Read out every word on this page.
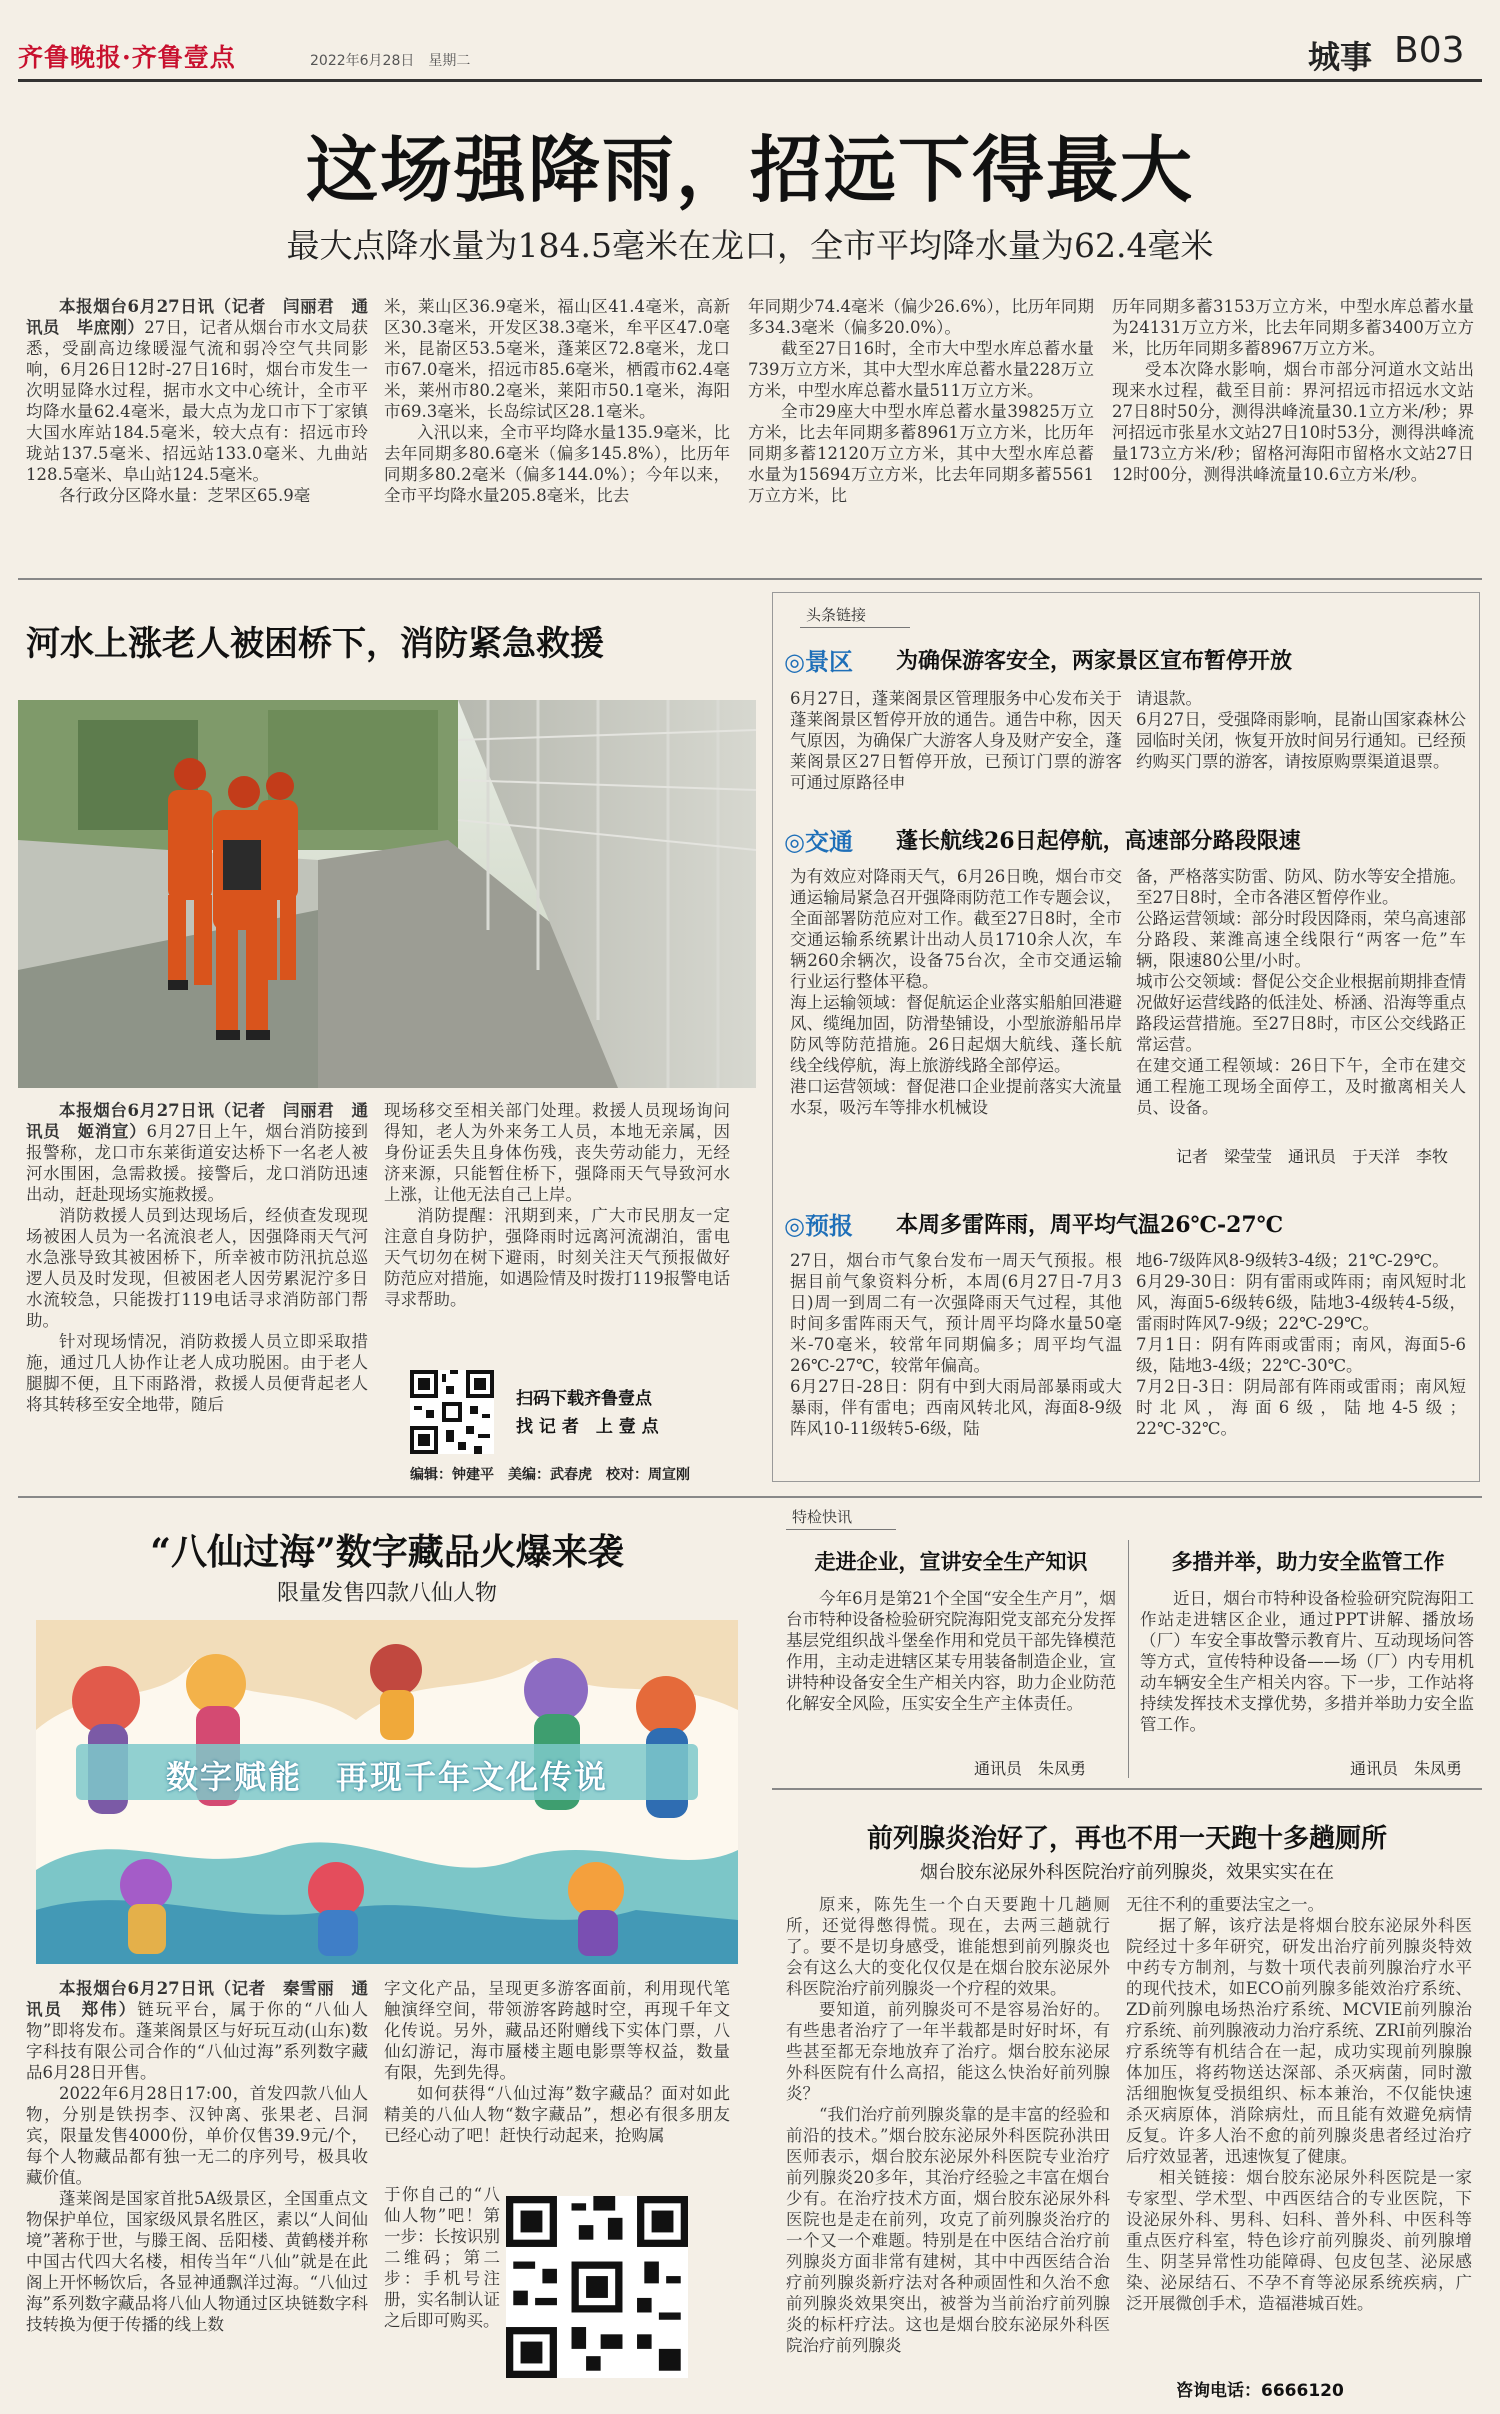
齐鲁晚报·齐鲁壹点	2022年6月28日　星期二	城事 B03
这场强降雨，招远下得最大
最大点降水量为184.5毫米在龙口，全市平均降水量为62.4毫米

本报烟台6月27日讯（记者　闫丽君　通讯员　毕庶刚）27日，记者从烟台市水文局获悉，受副高边缘暖湿气流和弱冷空气共同影响，6月26日12时-27日16时，烟台市发生一次明显降水过程，据市水文中心统计，全市平均降水量62.4毫米，最大点为龙口市下丁家镇大国水库站184.5毫米，较大点有：招远市玲珑站137.5毫米、招远站133.0毫米、九曲站128.5毫米、阜山站124.5毫米。

各行政分区降水量：芝罘区65.9毫

米，莱山区36.9毫米，福山区41.4毫米，高新区30.3毫米，开发区38.3毫米，牟平区47.0毫米，昆嵛区53.5毫米，蓬莱区72.8毫米，龙口市67.0毫米，招远市85.6毫米，栖霞市62.4毫米，莱州市80.2毫米，莱阳市50.1毫米，海阳市69.3毫米，长岛综试区28.1毫米。

入汛以来，全市平均降水量135.9毫米，比去年同期多80.6毫米（偏多145.8%），比历年同期多80.2毫米（偏多144.0%）；今年以来，全市平均降水量205.8毫米，比去

年同期少74.4毫米（偏少26.6%），比历年同期多34.3毫米（偏多20.0%）。

截至27日16时，全市大中型水库总蓄水量739万立方米，其中大型水库总蓄水量228万立方米，中型水库总蓄水量511万立方米。

全市29座大中型水库总蓄水量39825万立方米，比去年同期多蓄8961万立方米，比历年同期多蓄12120万立方米，其中大型水库总蓄水量为15694万立方米，比去年同期多蓄5561万立方米，比

历年同期多蓄3153万立方米，中型水库总蓄水量为24131万立方米，比去年同期多蓄3400万立方米，比历年同期多蓄8967万立方米。

受本次降水影响，烟台市部分河道水文站出现来水过程，截至目前：界河招远市招远水文站27日8时50分，测得洪峰流量30.1立方米/秒；界河招远市张星水文站27日10时53分，测得洪峰流量173立方米/秒；留格河海阳市留格水文站27日12时00分，测得洪峰流量10.6立方米/秒。

河水上涨老人被困桥下，消防紧急救援

本报烟台6月27日讯（记者　闫丽君　通讯员　姬消宣）6月27日上午，烟台消防接到报警称，龙口市东莱街道安达桥下一名老人被河水围困，急需救援。接警后，龙口消防迅速出动，赶赴现场实施救援。

消防救援人员到达现场后，经侦查发现现场被困人员为一名流浪老人，因强降雨天气河水急涨导致其被困桥下，所幸被市防汛抗总巡逻人员及时发现，但被困老人因劳累泥泞多日水流较急，只能拨打119电话寻求消防部门帮助。

针对现场情况，消防救援人员立即采取措施，通过几人协作让老人成功脱困。由于老人腿脚不便，且下雨路滑，救援人员便背起老人将其转移至安全地带，随后

现场移交至相关部门处理。救援人员现场询问得知，老人为外来务工人员，本地无亲属，因身份证丢失且身体伤残，丧失劳动能力，无经济来源，只能暂住桥下，强降雨天气导致河水上涨，让他无法自己上岸。

消防提醒：汛期到来，广大市民朋友一定注意自身防护，强降雨时远离河流湖泊，雷电天气切勿在树下避雨，时刻关注天气预报做好防范应对措施，如遇险情及时拨打119报警电话寻求帮助。

扫码下载齐鲁壹点
找 记 者　上 壹 点
编辑：钟建平　美编：武春虎　校对：周宣刚
头条链接
◎景区 为确保游客安全，两家景区宣布暂停开放
6月27日，蓬莱阁景区管理服务中心发布关于蓬莱阁景区暂停开放的通告。通告中称，因天气原因，为确保广大游客人身及财产安全，蓬莱阁景区27日暂停开放，已预订门票的游客可通过原路径申
请退款。
6月27日，受强降雨影响，昆嵛山国家森林公园临时关闭，恢复开放时间另行通知。已经预约购买门票的游客，请按原购票渠道退票。
◎交通 蓬长航线26日起停航，高速部分路段限速
为有效应对降雨天气，6月26日晚，烟台市交通运输局紧急召开强降雨防范工作专题会议，全面部署防范应对工作。截至27日8时，全市交通运输系统累计出动人员1710余人次，车辆260余辆次，设备75台次，全市交通运输行业运行整体平稳。
海上运输领域：督促航运企业落实船舶回港避风、缆绳加固，防滑垫铺设，小型旅游船吊岸防风等防范措施。26日起烟大航线、蓬长航线全线停航，海上旅游线路全部停运。
港口运营领域：督促港口企业提前落实大流量水泵，吸污车等排水机械设
备，严格落实防雷、防风、防水等安全措施。至27日8时，全市各港区暂停作业。
公路运营领域：部分时段因降雨，荣乌高速部分路段、莱潍高速全线限行“两客一危”车辆，限速80公里/小时。
城市公交领域：督促公交企业根据前期排查情况做好运营线路的低洼处、桥涵、沿海等重点路段运营措施。至27日8时，市区公交线路正常运营。
在建交通工程领域：26日下午，全市在建交通工程施工现场全面停工，及时撤离相关人员、设备。
记者　梁莹莹　通讯员　于天洋　李牧
◎预报 本周多雷阵雨，周平均气温26℃-27℃
27日，烟台市气象台发布一周天气预报。根据目前气象资料分析，本周(6月27日-7月3日)周一到周二有一次强降雨天气过程，其他时间多雷阵雨天气，预计周平均降水量50毫米-70毫米，较常年同期偏多；周平均气温26℃-27℃，较常年偏高。
6月27日-28日：阴有中到大雨局部暴雨或大暴雨，伴有雷电；西南风转北风，海面8-9级阵风10-11级转5-6级，陆
地6-7级阵风8-9级转3-4级；21℃-29℃。
6月29-30日：阴有雷雨或阵雨；南风短时北风，海面5-6级转6级，陆地3-4级转4-5级，雷雨时阵风7-9级；22℃-29℃。
7月1日：阴有阵雨或雷雨；南风，海面5-6级，陆地3-4级；22℃-30℃。
7月2日-3日：阴局部有阵雨或雷雨；南风短时北风，海面6级，陆地4-5级；22℃-32℃。
“八仙过海”数字藏品火爆来袭
限量发售四款八仙人物
数字赋能　再现千年文化传说

本报烟台6月27日讯（记者　秦雪丽　通讯员　郑伟）链玩平台，属于你的“八仙人物”即将发布。蓬莱阁景区与好玩互动(山东)数字科技有限公司合作的“八仙过海”系列数字藏品6月28日开售。

2022年6月28日17:00，首发四款八仙人物，分别是铁拐李、汉钟离、张果老、吕洞宾，限量发售4000份，单价仅售39.9元/个，每个人物藏品都有独一无二的序列号，极具收藏价值。

蓬莱阁是国家首批5A级景区，全国重点文物保护单位，国家级风景名胜区，素以“人间仙境”著称于世，与滕王阁、岳阳楼、黄鹤楼并称中国古代四大名楼，相传当年“八仙”就是在此阁上开怀畅饮后，各显神通飘洋过海。“八仙过海”系列数字藏品将八仙人物通过区块链数字科技转换为便于传播的线上数

字文化产品，呈现更多游客面前，利用现代笔触演绎空间，带领游客跨越时空，再现千年文化传说。另外，藏品还附赠线下实体门票，八仙幻游记，海市蜃楼主题电影票等权益，数量有限，先到先得。

如何获得“八仙过海”数字藏品？面对如此精美的八仙人物“数字藏品”，想必有很多朋友已经心动了吧！赶快行动起来，抢购属

于你自己的“八仙人物”吧！第一步：长按识别二维码；第二步：手机号注册，实名制认证之后即可购买。
特检快讯
走进企业，宣讲安全生产知识

今年6月是第21个全国“安全生产月”，烟台市特种设备检验研究院海阳党支部充分发挥基层党组织战斗堡垒作用和党员干部先锋模范作用，主动走进辖区某专用装备制造企业，宣讲特种设备安全生产相关内容，助力企业防范化解安全风险，压实安全生产主体责任。

通讯员　朱凤勇
多措并举，助力安全监管工作

近日，烟台市特种设备检验研究院海阳工作站走进辖区企业，通过PPT讲解、播放场（厂）车安全事故警示教育片、互动现场问答等方式，宣传特种设备——场（厂）内专用机动车辆安全生产相关内容。下一步，工作站将持续发挥技术支撑优势，多措并举助力安全监管工作。

通讯员　朱凤勇
前列腺炎治好了，再也不用一天跑十多趟厕所
烟台胶东泌尿外科医院治疗前列腺炎，效果实实在在

原来，陈先生一个白天要跑十几趟厕所，还觉得憋得慌。现在，去两三趟就行了。要不是切身感受，谁能想到前列腺炎也会有这么大的变化仅仅是在烟台胶东泌尿外科医院治疗前列腺炎一个疗程的效果。

要知道，前列腺炎可不是容易治好的。有些患者治疗了一年半载都是时好时坏，有些甚至都无奈地放弃了治疗。烟台胶东泌尿外科医院有什么高招，能这么快治好前列腺炎？

“我们治疗前列腺炎靠的是丰富的经验和前沿的技术。”烟台胶东泌尿外科医院孙洪田医师表示，烟台胶东泌尿外科医院专业治疗前列腺炎20多年，其治疗经验之丰富在烟台少有。在治疗技术方面，烟台胶东泌尿外科医院也是走在前列，攻克了前列腺炎治疗的一个又一个难题。特别是在中医结合治疗前列腺炎方面非常有建树，其中中西医结合治疗前列腺炎新疗法对各种顽固性和久治不愈前列腺炎效果突出，被誉为当前治疗前列腺炎的标杆疗法。这也是烟台胶东泌尿外科医院治疗前列腺炎

无往不利的重要法宝之一。

据了解，该疗法是将烟台胶东泌尿外科医院经过十多年研究，研发出治疗前列腺炎特效中药专方制剂，与数十项代表前列腺治疗水平的现代技术，如ECO前列腺多能效治疗系统、ZD前列腺电场热治疗系统、MCVIE前列腺治疗系统、前列腺液动力治疗系统、ZRI前列腺治疗系统等有机结合在一起，成功实现前列腺腺体加压，将药物送达深部、杀灭病菌，同时激活细胞恢复受损组织、标本兼治，不仅能快速杀灭病原体，消除病灶，而且能有效避免病情反复。许多人治不愈的前列腺炎患者经过治疗后疗效显著，迅速恢复了健康。

相关链接：烟台胶东泌尿外科医院是一家专家型、学术型、中西医结合的专业医院，下设泌尿外科、男科、妇科、普外科、中医科等重点医疗科室，特色诊疗前列腺炎、前列腺增生、阴茎异常性功能障碍、包皮包茎、泌尿感染、泌尿结石、不孕不育等泌尿系统疾病，广泛开展微创手术，造福港城百姓。

咨询电话：6666120
